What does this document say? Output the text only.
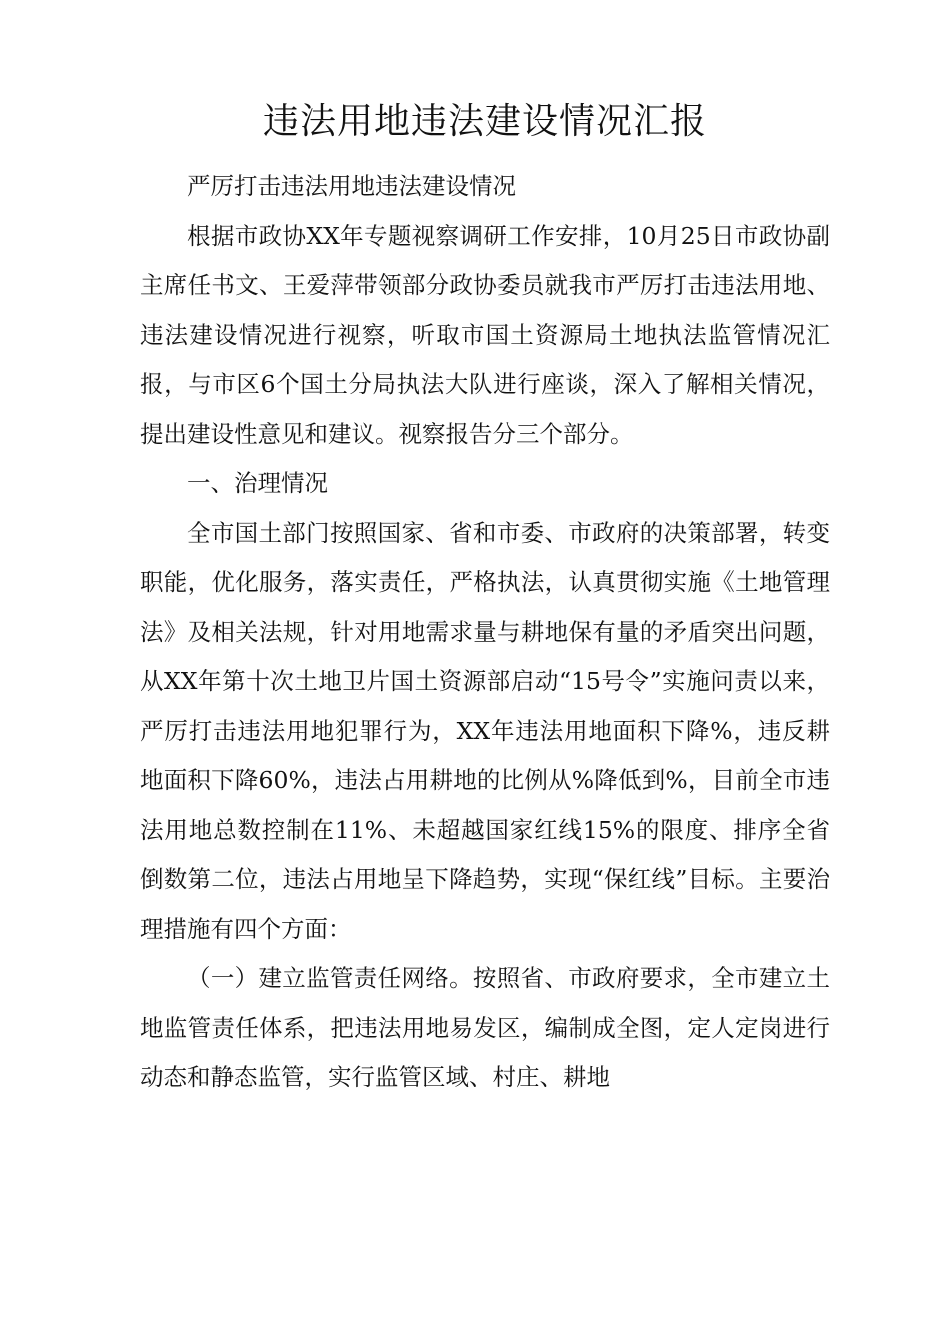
违法用地违法建设情况汇报

严厉打击违法用地违法建设情况

根据市政协XX年专题视察调研工作安排，10月25日市政协副主席任书文、王爱萍带领部分政协委员就我市严厉打击违法用地、违法建设情况进行视察，听取市国土资源局土地执法监管情况汇报，与市区6个国土分局执法大队进行座谈，深入了解相关情况，提出建设性意见和建议。视察报告分三个部分。

一、治理情况

全市国土部门按照国家、省和市委、市政府的决策部署，转变职能，优化服务，落实责任，严格执法，认真贯彻实施《土地管理法》及相关法规，针对用地需求量与耕地保有量的矛盾突出问题，从XX年第十次土地卫片国土资源部启动“15号令”实施问责以来，严厉打击违法用地犯罪行为，XX年违法用地面积下降%，违反耕地面积下降60%，违法占用耕地的比例从%降低到%，目前全市违法用地总数控制在11%、未超越国家红线15%的限度、排序全省倒数第二位，违法占用地呈下降趋势，实现“保红线”目标。主要治理措施有四个方面：

（一）建立监管责任网络。按照省、市政府要求，全市建立土地监管责任体系，把违法用地易发区，编制成全图，定人定岗进行动态和静态监管，实行监管区域、村庄、耕地
